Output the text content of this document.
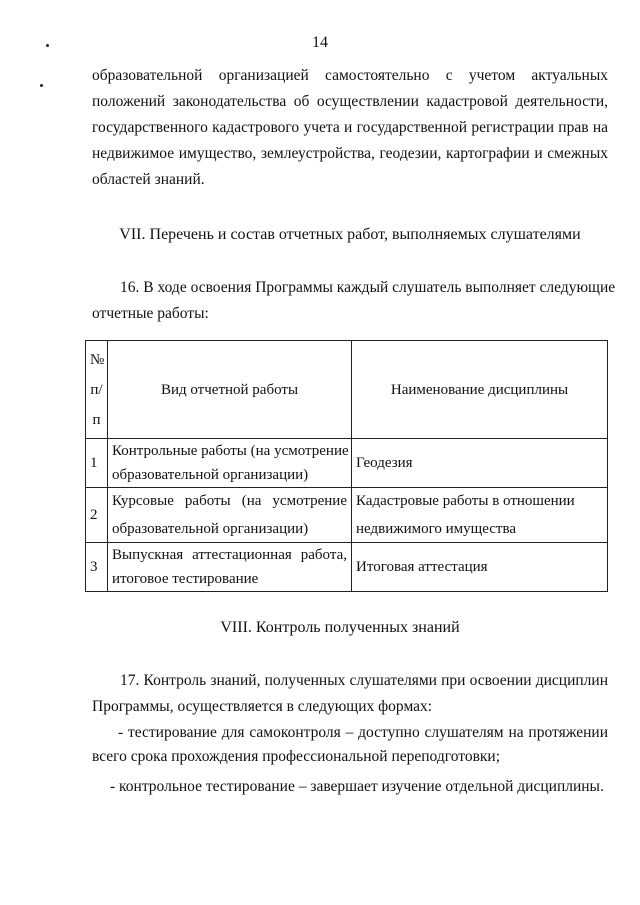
14
образовательной организацией самостоятельно с учетом актуальных
положений законодательства об осуществлении кадастровой деятельности,
государственного кадастрового учета и государственной регистрации прав на
недвижимое имущество, землеустройства, геодезии, картографии и смежных
областей знаний.
VII. Перечень и состав отчетных работ, выполняемых слушателями
16. В ходе освоения Программы каждый слушатель выполняет следующие
отчетные работы:
№
п/
п	Вид отчетной работы	Наименование дисциплины
1	Контрольные работы (на усмотрение
образовательной организации)	Геодезия
2	Курсовые работы (на усмотрение
образовательной организации)	Кадастровые работы в отношении
недвижимого имущества

3	Выпускная аттестационная работа,
итоговое тестирование	Итоговая аттестация
VIII. Контроль полученных знаний
17. Контроль знаний, полученных слушателями при освоении дисциплин
Программы, осуществляется в следующих формах:
- тестирование для самоконтроля – доступно слушателям на протяжении
всего срока прохождения профессиональной переподготовки;
- контрольное тестирование – завершает изучение отдельной дисциплины.
